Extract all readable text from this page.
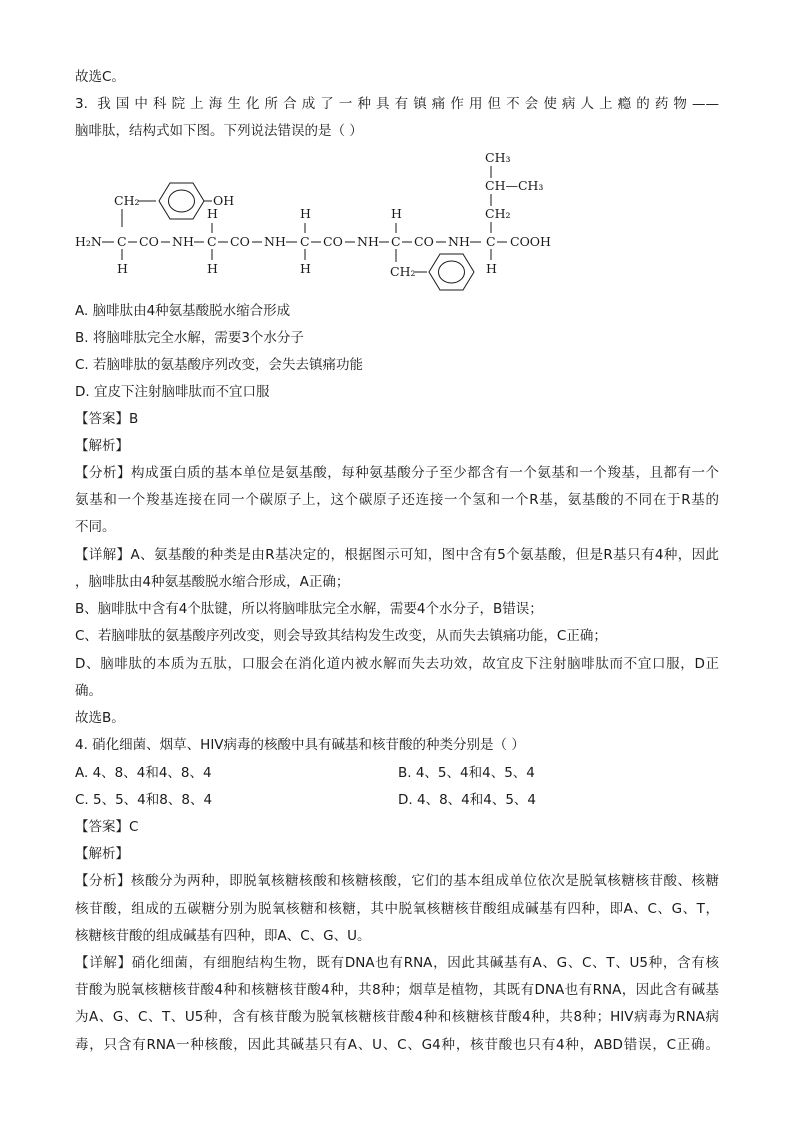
故选C。
3. 我国中科院上海生化所合成了一种具有镇痛作用但不会使病人上瘾的药物——
脑啡肽，结构式如下图。下列说法错误的是（ ）
CH₃
CH—CH₃
CH₂
CH₂	OH
H	H	H
H₂N C CO NH C CO NH C CO NH C CO NH C COOH
H	H	H	H
CH₂
A. 脑啡肽由4种氨基酸脱水缩合形成
B. 将脑啡肽完全水解，需要3个水分子
C. 若脑啡肽的氨基酸序列改变，会失去镇痛功能
D. 宜皮下注射脑啡肽而不宜口服
【答案】B
【解析】
【分析】构成蛋白质的基本单位是氨基酸，每种氨基酸分子至少都含有一个氨基和一个羧基，且都有一个
氨基和一个羧基连接在同一个碳原子上，这个碳原子还连接一个氢和一个R基，氨基酸的不同在于R基的
不同。
【详解】A、氨基酸的种类是由R基决定的，根据图示可知，图中含有5个氨基酸，但是R基只有4种，因此
，脑啡肽由4种氨基酸脱水缩合形成，A正确；
B、脑啡肽中含有4个肽键，所以将脑啡肽完全水解，需要4个水分子，B错误；
C、若脑啡肽的氨基酸序列改变，则会导致其结构发生改变，从而失去镇痛功能，C正确；
D、脑啡肽的本质为五肽，口服会在消化道内被水解而失去功效，故宜皮下注射脑啡肽而不宜口服，D正
确。
故选B。
4. 硝化细菌、烟草、HIV病毒的核酸中具有碱基和核苷酸的种类分别是（ ）
A. 4、8、4和4、8、4	B. 4、5、4和4、5、4
C. 5、5、4和8、8、4	D. 4、8、4和4、5、4
【答案】C
【解析】
【分析】核酸分为两种，即脱氧核糖核酸和核糖核酸，它们的基本组成单位依次是脱氧核糖核苷酸、核糖
核苷酸，组成的五碳糖分别为脱氧核糖和核糖，其中脱氧核糖核苷酸组成碱基有四种，即A、C、G、T，
核糖核苷酸的组成碱基有四种，即A、C、G、U。
【详解】硝化细菌，有细胞结构生物，既有DNA也有RNA，因此其碱基有A、G、C、T、U5种，含有核
苷酸为脱氧核糖核苷酸4种和核糖核苷酸4种，共8种；烟草是植物，其既有DNA也有RNA，因此含有碱基
为A、G、C、T、U5种，含有核苷酸为脱氧核糖核苷酸4种和核糖核苷酸4种，共8种；HIV病毒为RNA病
毒，只含有RNA一种核酸，因此其碱基只有A、U、C、G4种，核苷酸也只有4种，ABD错误，C正确。
